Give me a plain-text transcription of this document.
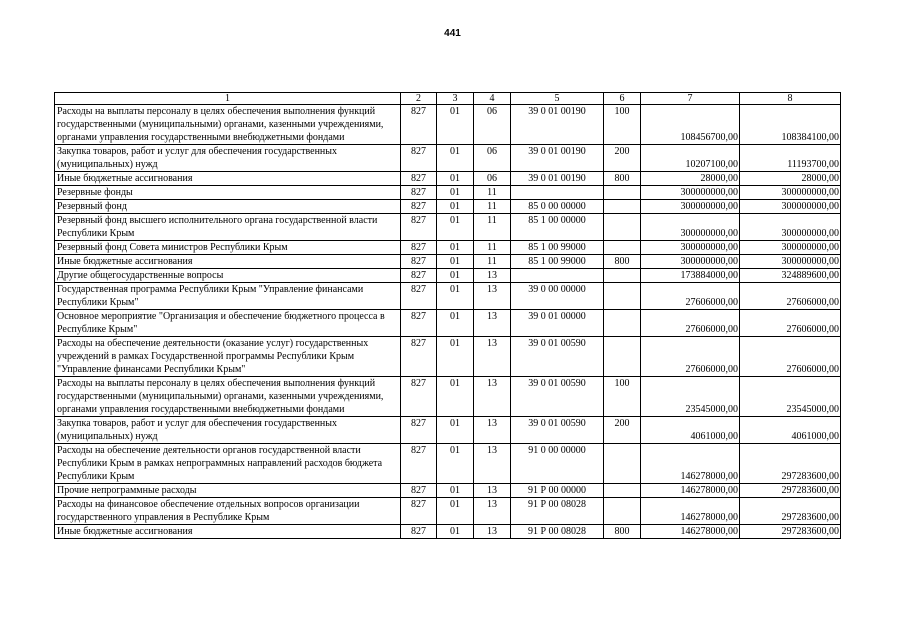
441
1	2	3	4	5	6	7	8
Расходы на выплаты персоналу в целях обеспечения выполнения функций государственными (муниципальными) органами, казенными учреждениями, органами управления государственными внебюджетными фондами	827	01	06	39 0 01 00190	100	108456700,00	108384100,00
Закупка товаров, работ и услуг для обеспечения государственных (муниципальных) нужд	827	01	06	39 0 01 00190	200	10207100,00	11193700,00
Иные бюджетные ассигнования	827	01	06	39 0 01 00190	800	28000,00	28000,00
Резервные фонды	827	01	11			300000000,00	300000000,00
Резервный фонд	827	01	11	85 0 00 00000		300000000,00	300000000,00
Резервный фонд высшего исполнительного органа государственной власти Республики Крым	827	01	11	85 1 00 00000		300000000,00	300000000,00
Резервный фонд Совета министров Республики Крым	827	01	11	85 1 00 99000		300000000,00	300000000,00
Иные бюджетные ассигнования	827	01	11	85 1 00 99000	800	300000000,00	300000000,00
Другие общегосударственные вопросы	827	01	13			173884000,00	324889600,00
Государственная программа Республики Крым "Управление финансами Республики Крым"	827	01	13	39 0 00 00000		27606000,00	27606000,00
Основное мероприятие "Организация и обеспечение бюджетного процесса в Республике Крым"	827	01	13	39 0 01 00000		27606000,00	27606000,00
Расходы на обеспечение деятельности (оказание услуг) государственных учреждений в рамках Государственной программы Республики Крым "Управление финансами Республики Крым"	827	01	13	39 0 01 00590		27606000,00	27606000,00
Расходы на выплаты персоналу в целях обеспечения выполнения функций государственными (муниципальными) органами, казенными учреждениями, органами управления государственными внебюджетными фондами	827	01	13	39 0 01 00590	100	23545000,00	23545000,00
Закупка товаров, работ и услуг для обеспечения государственных (муниципальных) нужд	827	01	13	39 0 01 00590	200	4061000,00	4061000,00
Расходы на обеспечение деятельности органов государственной власти Республики Крым в рамках непрограммных направлений расходов бюджета Республики Крым	827	01	13	91 0 00 00000		146278000,00	297283600,00
Прочие непрограммные расходы	827	01	13	91 Р 00 00000		146278000,00	297283600,00
Расходы на финансовое обеспечение отдельных вопросов организации государственного управления в Республике Крым	827	01	13	91 Р 00 08028		146278000,00	297283600,00
Иные бюджетные ассигнования	827	01	13	91 Р 00 08028	800	146278000,00	297283600,00
